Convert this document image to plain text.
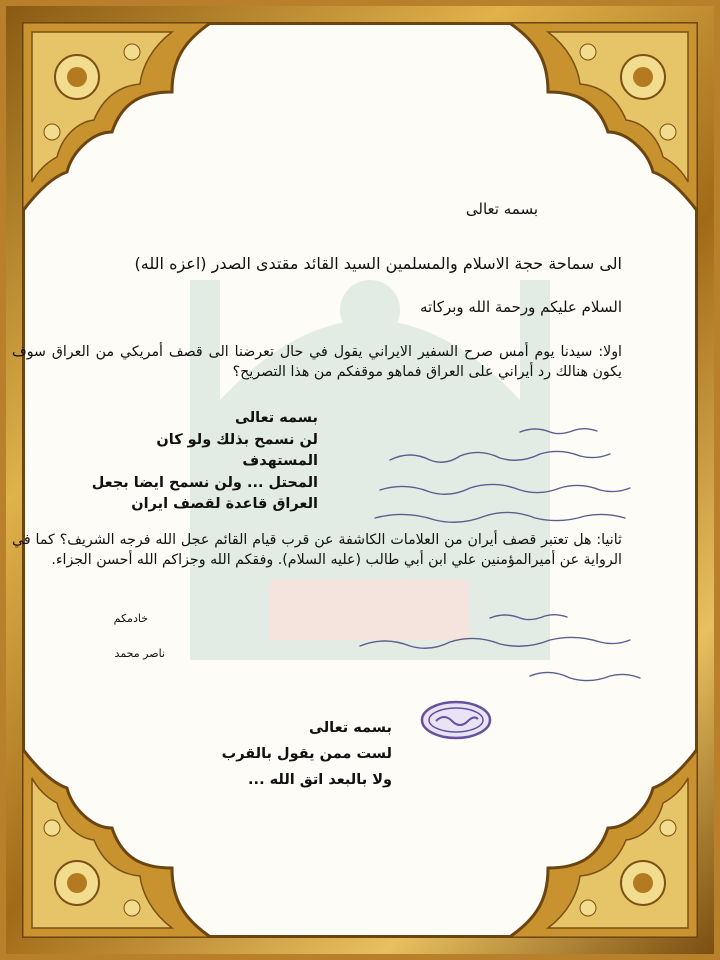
بسمه تعالى
الى سماحة حجة الاسلام والمسلمين السيد القائد مقتدى الصدر (اعزه الله)
السلام عليكم ورحمة الله وبركاته
اولا: سيدنا يوم أمس صرح السفير الايراني يقول في حال تعرضنا الى قصف أمريكي من العراق سوف يكون هنالك رد أيراني على العراق فماهو موقفكم من هذا التصريح؟
بسمه تعالى
لن نسمح بذلك ولو كان المستهدف
المحتل ... ولن نسمح ايضا بجعل
العراق قاعدة لقصف ايران
ثانيا: هل تعتبر قصف أيران من العلامات الكاشفة عن قرب قيام القائم عجل الله فرجه الشريف؟ كما في الرواية عن أميرالمؤمنين علي ابن أبي طالب (عليه السلام). وفقكم الله وجزاكم الله أحسن الجزاء.
خادمكم
ناصر محمد
بسمه تعالى
لست ممن يقول بالقرب
ولا بالبعد اتق الله ...
